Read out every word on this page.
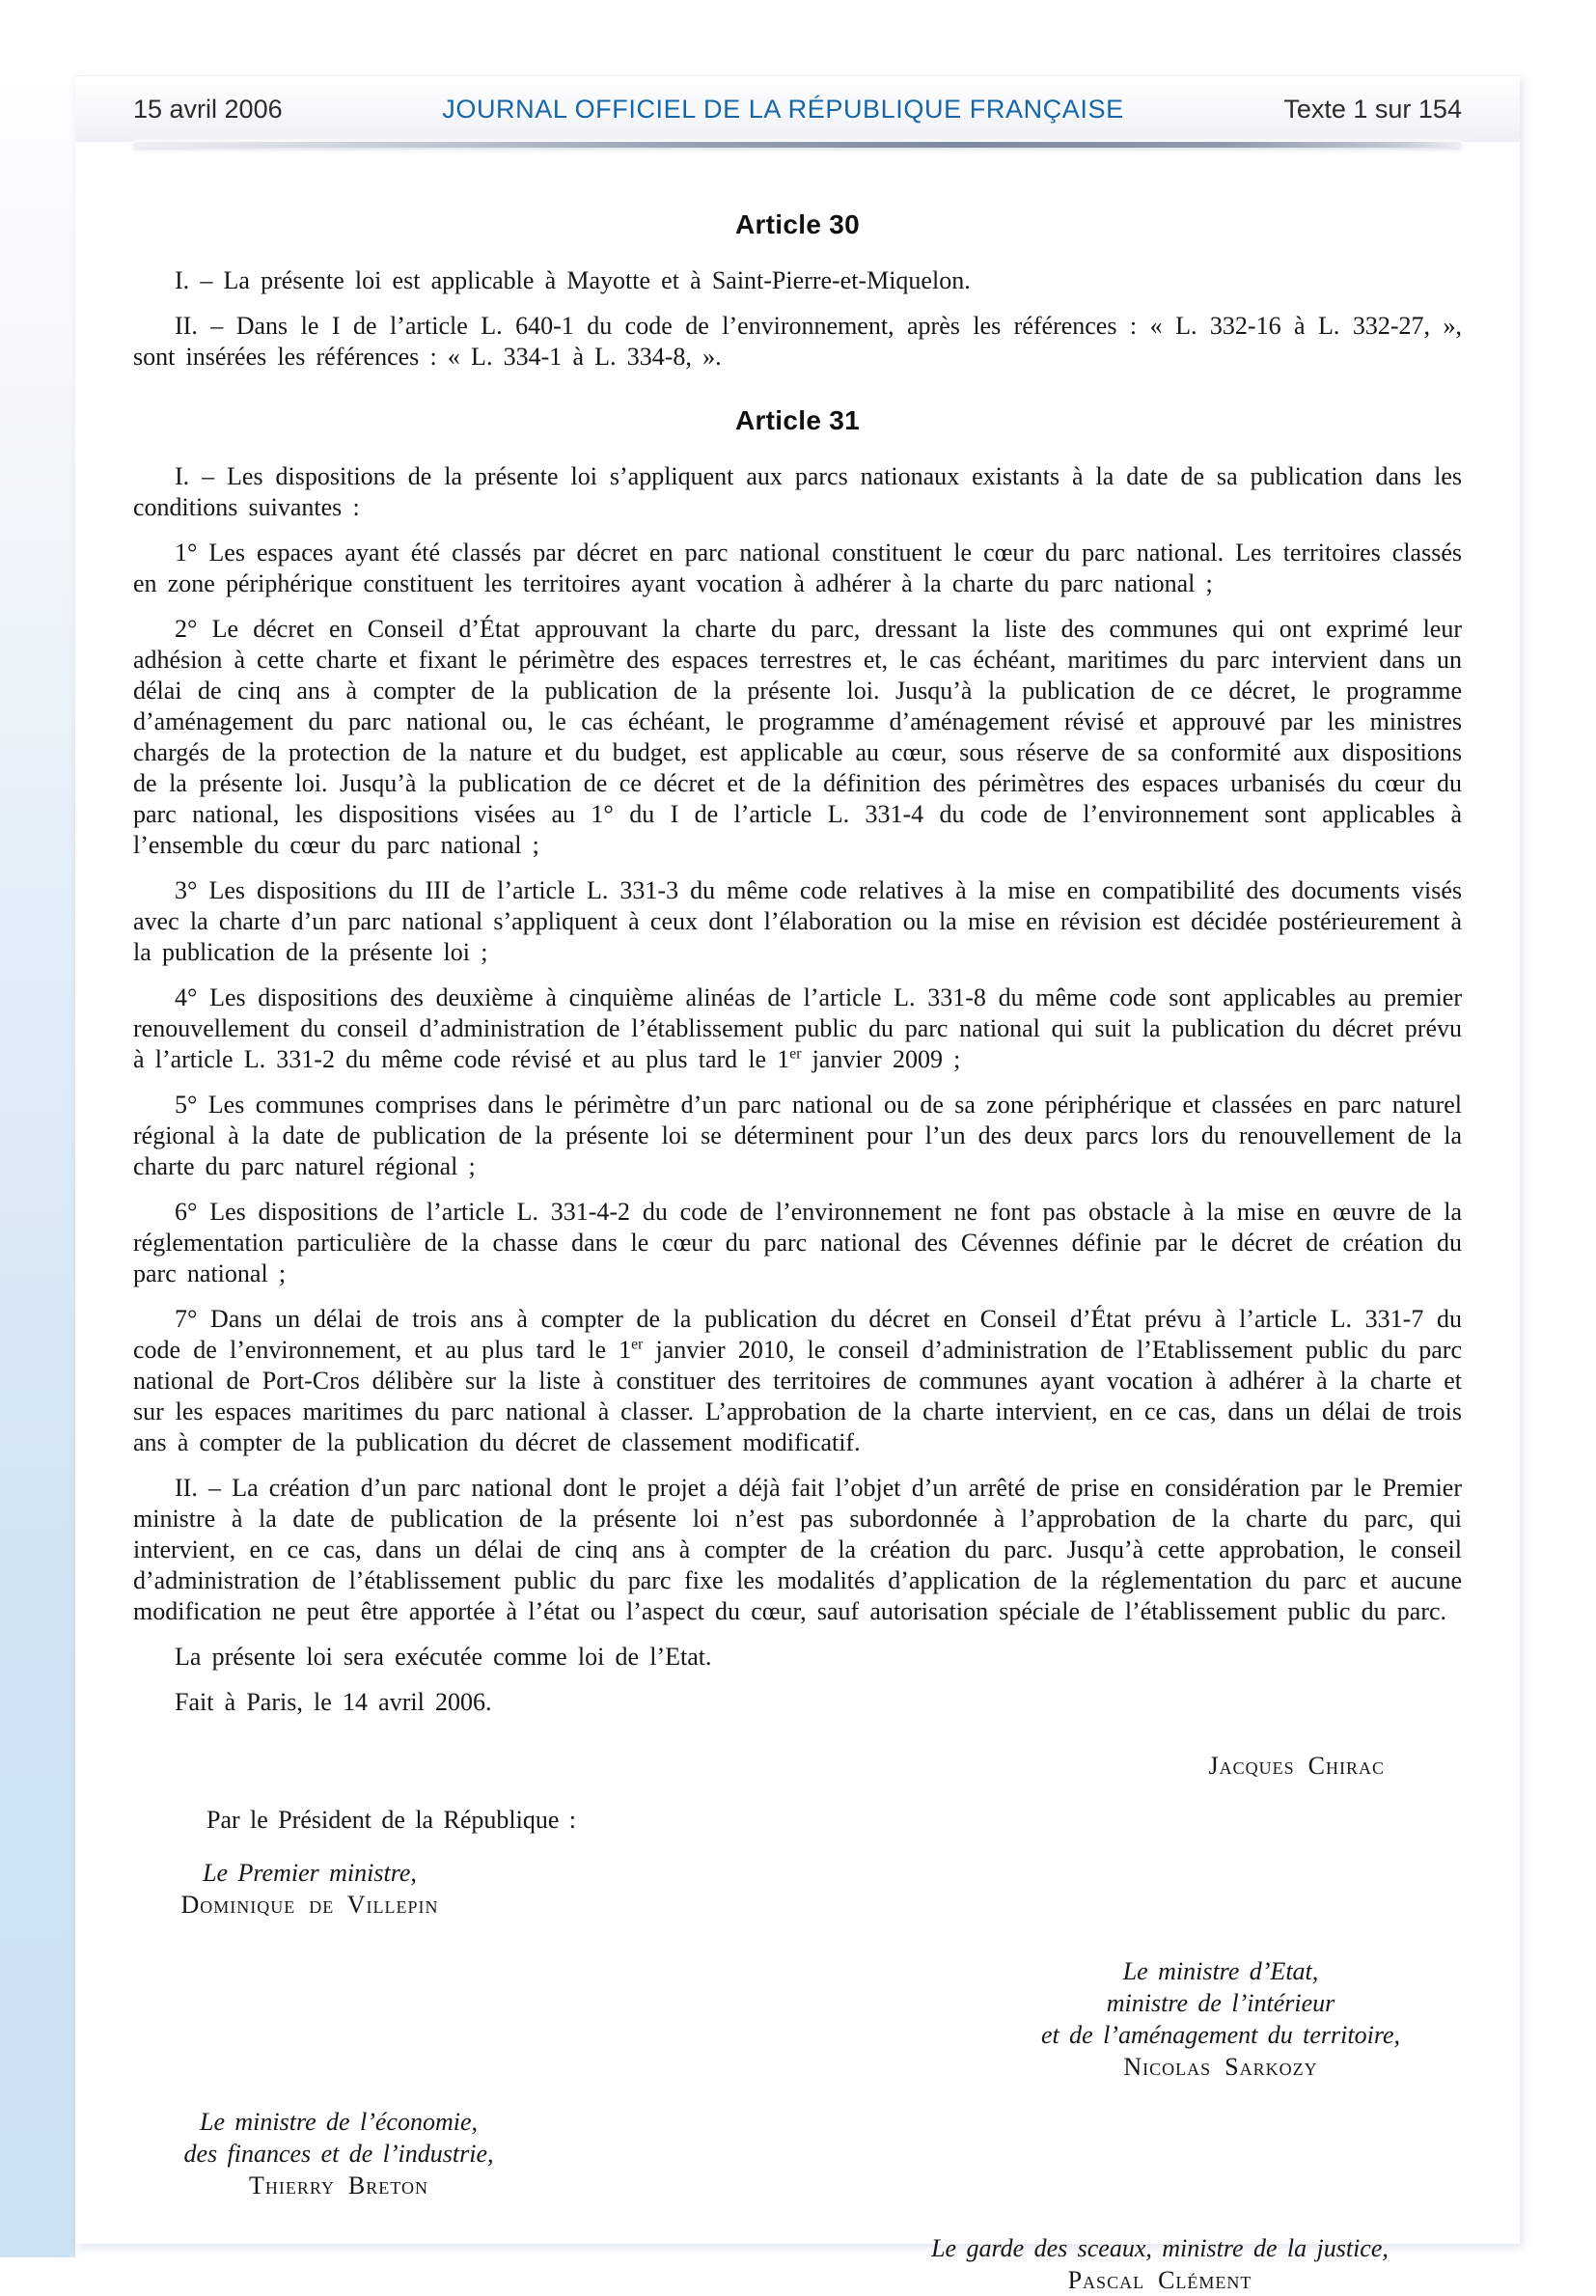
15 avril 2006	JOURNAL OFFICIEL DE LA RÉPUBLIQUE FRANÇAISE	Texte 1 sur 154
Article 30

I. – La présente loi est applicable à Mayotte et à Saint-Pierre-et-Miquelon.

II. – Dans le I de l’article L. 640-1 du code de l’environnement, après les références : « L. 332-16 à L. 332-27, », sont insérées les références : « L. 334-1 à L. 334-8, ».

Article 31

I. – Les dispositions de la présente loi s’appliquent aux parcs nationaux existants à la date de sa publication dans les conditions suivantes :

1° Les espaces ayant été classés par décret en parc national constituent le cœur du parc national. Les territoires classés en zone périphérique constituent les territoires ayant vocation à adhérer à la charte du parc national ;

2° Le décret en Conseil d’État approuvant la charte du parc, dressant la liste des communes qui ont exprimé leur adhésion à cette charte et fixant le périmètre des espaces terrestres et, le cas échéant, maritimes du parc intervient dans un délai de cinq ans à compter de la publication de la présente loi. Jusqu’à la publication de ce décret, le programme d’aménagement du parc national ou, le cas échéant, le programme d’aménagement révisé et approuvé par les ministres chargés de la protection de la nature et du budget, est applicable au cœur, sous réserve de sa conformité aux dispositions de la présente loi. Jusqu’à la publication de ce décret et de la définition des périmètres des espaces urbanisés du cœur du parc national, les dispositions visées au 1° du I de l’article L. 331-4 du code de l’environnement sont applicables à l’ensemble du cœur du parc national ;

3° Les dispositions du III de l’article L. 331-3 du même code relatives à la mise en compatibilité des documents visés avec la charte d’un parc national s’appliquent à ceux dont l’élaboration ou la mise en révision est décidée postérieurement à la publication de la présente loi ;

4° Les dispositions des deuxième à cinquième alinéas de l’article L. 331-8 du même code sont applicables au premier renouvellement du conseil d’administration de l’établissement public du parc national qui suit la publication du décret prévu à l’article L. 331-2 du même code révisé et au plus tard le 1er janvier 2009 ;

5° Les communes comprises dans le périmètre d’un parc national ou de sa zone périphérique et classées en parc naturel régional à la date de publication de la présente loi se déterminent pour l’un des deux parcs lors du renouvellement de la charte du parc naturel régional ;

6° Les dispositions de l’article L. 331-4-2 du code de l’environnement ne font pas obstacle à la mise en œuvre de la réglementation particulière de la chasse dans le cœur du parc national des Cévennes définie par le décret de création du parc national ;

7° Dans un délai de trois ans à compter de la publication du décret en Conseil d’État prévu à l’article L. 331-7 du code de l’environnement, et au plus tard le 1er janvier 2010, le conseil d’administration de l’Etablissement public du parc national de Port-Cros délibère sur la liste à constituer des territoires de communes ayant vocation à adhérer à la charte et sur les espaces maritimes du parc national à classer. L’approbation de la charte intervient, en ce cas, dans un délai de trois ans à compter de la publication du décret de classement modificatif.

II. – La création d’un parc national dont le projet a déjà fait l’objet d’un arrêté de prise en considération par le Premier ministre à la date de publication de la présente loi n’est pas subordonnée à l’approbation de la charte du parc, qui intervient, en ce cas, dans un délai de cinq ans à compter de la création du parc. Jusqu’à cette approbation, le conseil d’administration de l’établissement public du parc fixe les modalités d’application de la réglementation du parc et aucune modification ne peut être apportée à l’état ou l’aspect du cœur, sauf autorisation spéciale de l’établissement public du parc.

La présente loi sera exécutée comme loi de l’Etat.

Fait à Paris, le 14 avril 2006.

Jacques Chirac
Par le Président de la République :
Le Premier ministre,
Dominique de Villepin
Le ministre d’Etat,
ministre de l’intérieur
et de l’aménagement du territoire,
Nicolas Sarkozy
Le ministre de l’économie,
des finances et de l’industrie,
Thierry Breton
Le garde des sceaux, ministre de la justice,
Pascal Clément
